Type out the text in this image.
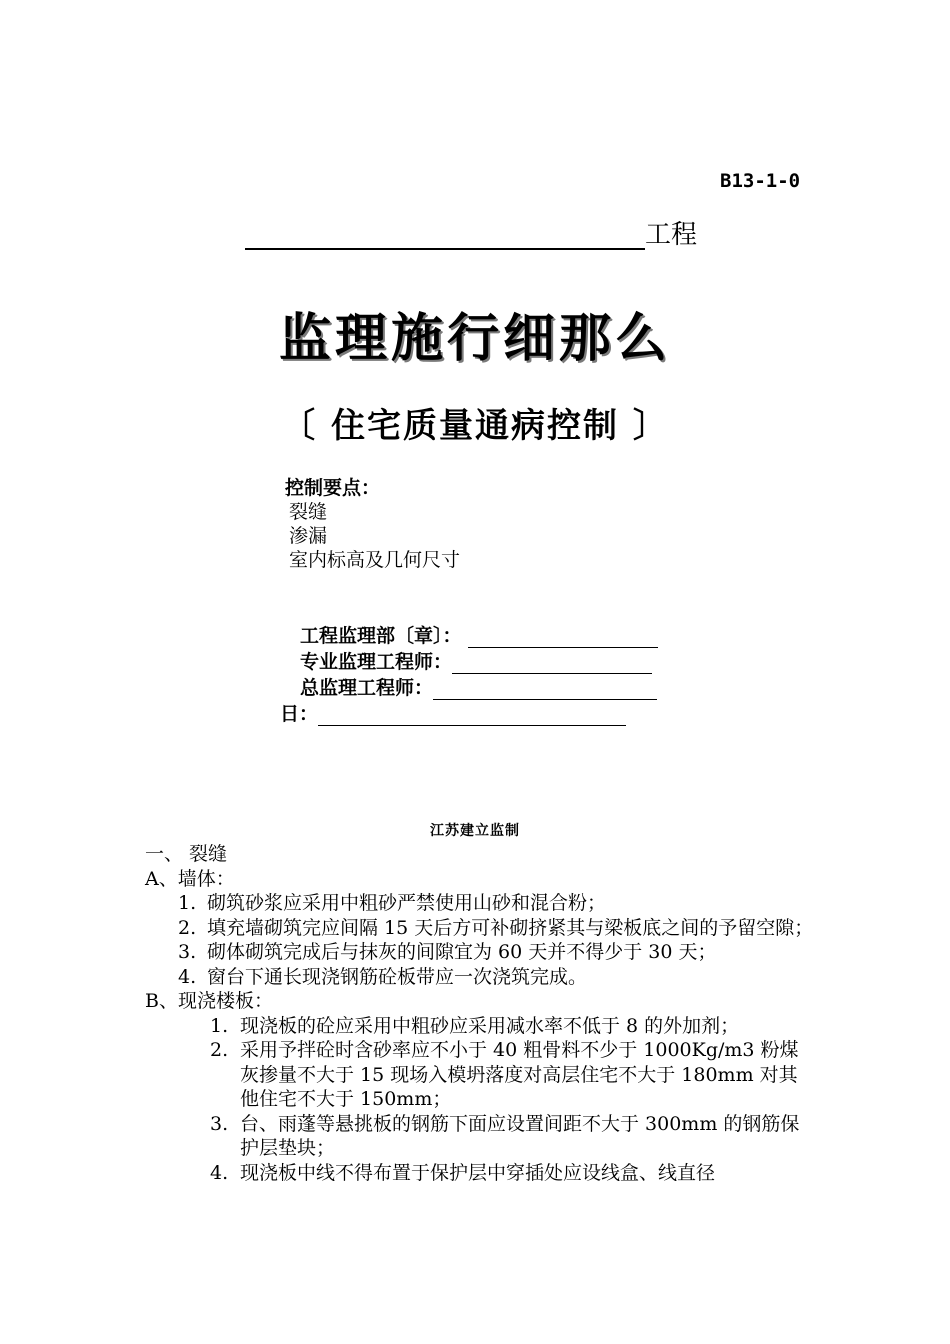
B13-1-0
工程
监理施行细那么
〔 住宅质量通病控制 〕
控制要点：
裂缝
渗漏
室内标高及几何尺寸
工程监理部〔章〕：
专业监理工程师：
总监理工程师：
日：
江苏建立监制
一、 裂缝
A、墙体：
1. 砌筑砂浆应采用中粗砂严禁使用山砂和混合粉；
2. 填充墙砌筑完应间隔 15 天后方可补砌挤紧其与梁板底之间的予留空隙；
3. 砌体砌筑完成后与抹灰的间隙宜为 60 天并不得少于 30 天；
4. 窗台下通长现浇钢筋砼板带应一次浇筑完成。
B、现浇楼板：
1. 现浇板的砼应采用中粗砂应采用减水率不低于 8 的外加剂；
2. 采用予拌砼时含砂率应不小于 40 粗骨料不少于 1000Kg/m3 粉煤灰掺量不大于 15 现场入模坍落度对高层住宅不大于 180mm 对其他住宅不大于 150mm；
3. 台、雨蓬等悬挑板的钢筋下面应设置间距不大于 300mm 的钢筋保护层垫块；
4. 现浇板中线不得布置于保护层中穿插处应设线盒、线直径
